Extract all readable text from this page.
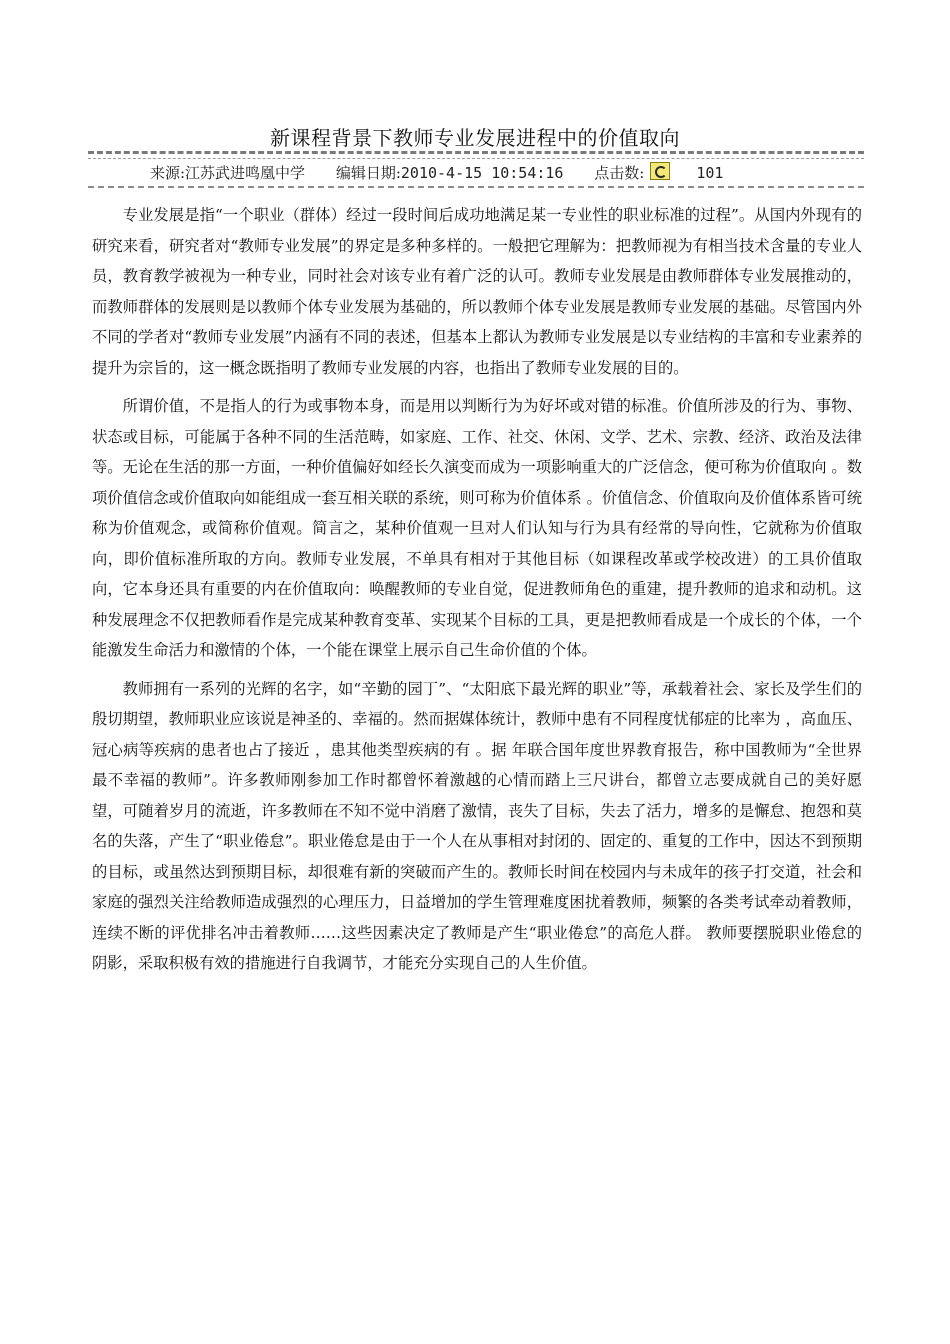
新课程背景下教师专业发展进程中的价值取向
来源:江苏武进鸣凰中学 编辑日期:2010-4-15 10:54:16 点击数:	101

专业发展是指“一个职业（群体）经过一段时间后成功地满足某一专业性的职业标准的过程”。从国内外现有的研究来看，研究者对“教师专业发展”的界定是多种多样的。一般把它理解为：把教师视为有相当技术含量的专业人员，教育教学被视为一种专业，同时社会对该专业有着广泛的认可。教师专业发展是由教师群体专业发展推动的，而教师群体的发展则是以教师个体专业发展为基础的，所以教师个体专业发展是教师专业发展的基础。尽管国内外不同的学者对“教师专业发展”内涵有不同的表述，但基本上都认为教师专业发展是以专业结构的丰富和专业素养的提升为宗旨的，这一概念既指明了教师专业发展的内容，也指出了教师专业发展的目的。

所谓价值，不是指人的行为或事物本身，而是用以判断行为为好坏或对错的标准。价值所涉及的行为、事物、状态或目标，可能属于各种不同的生活范畴，如家庭、工作、社交、休闲、文学、艺术、宗教、经济、政治及法律等。无论在生活的那一方面，一种价值偏好如经长久演变而成为一项影响重大的广泛信念，便可称为价值取向 。数项价值信念或价值取向如能组成一套互相关联的系统，则可称为价值体系 。价值信念、价值取向及价值体系皆可统称为价值观念，或简称价值观。简言之，某种价值观一旦对人们认知与行为具有经常的导向性，它就称为价值取向，即价值标准所取的方向。教师专业发展，不单具有相对于其他目标（如课程改革或学校改进）的工具价值取向，它本身还具有重要的内在价值取向：唤醒教师的专业自觉，促进教师角色的重建，提升教师的追求和动机。这种发展理念不仅把教师看作是完成某种教育变革、实现某个目标的工具，更是把教师看成是一个成长的个体，一个能激发生命活力和激情的个体，一个能在课堂上展示自己生命价值的个体。

教师拥有一系列的光辉的名字，如“辛勤的园丁”、“太阳底下最光辉的职业”等，承载着社会、家长及学生们的殷切期望，教师职业应该说是神圣的、幸福的。然而据媒体统计，教师中患有不同程度忧郁症的比率为 ，高血压、冠心病等疾病的患者也占了接近 ，患其他类型疾病的有 。据 年联合国年度世界教育报告，称中国教师为“全世界最不幸福的教师”。许多教师刚参加工作时都曾怀着激越的心情而踏上三尺讲台，都曾立志要成就自己的美好愿望，可随着岁月的流逝，许多教师在不知不觉中消磨了激情，丧失了目标，失去了活力，增多的是懈怠、抱怨和莫名的失落，产生了“职业倦怠”。职业倦怠是由于一个人在从事相对封闭的、固定的、重复的工作中，因达不到预期的目标，或虽然达到预期目标，却很难有新的突破而产生的。教师长时间在校园内与未成年的孩子打交道，社会和家庭的强烈关注给教师造成强烈的心理压力，日益增加的学生管理难度困扰着教师，频繁的各类考试牵动着教师，连续不断的评优排名冲击着教师……这些因素决定了教师是产生“职业倦怠”的高危人群。 教师要摆脱职业倦怠的阴影，采取积极有效的措施进行自我调节，才能充分实现自己的人生价值。
